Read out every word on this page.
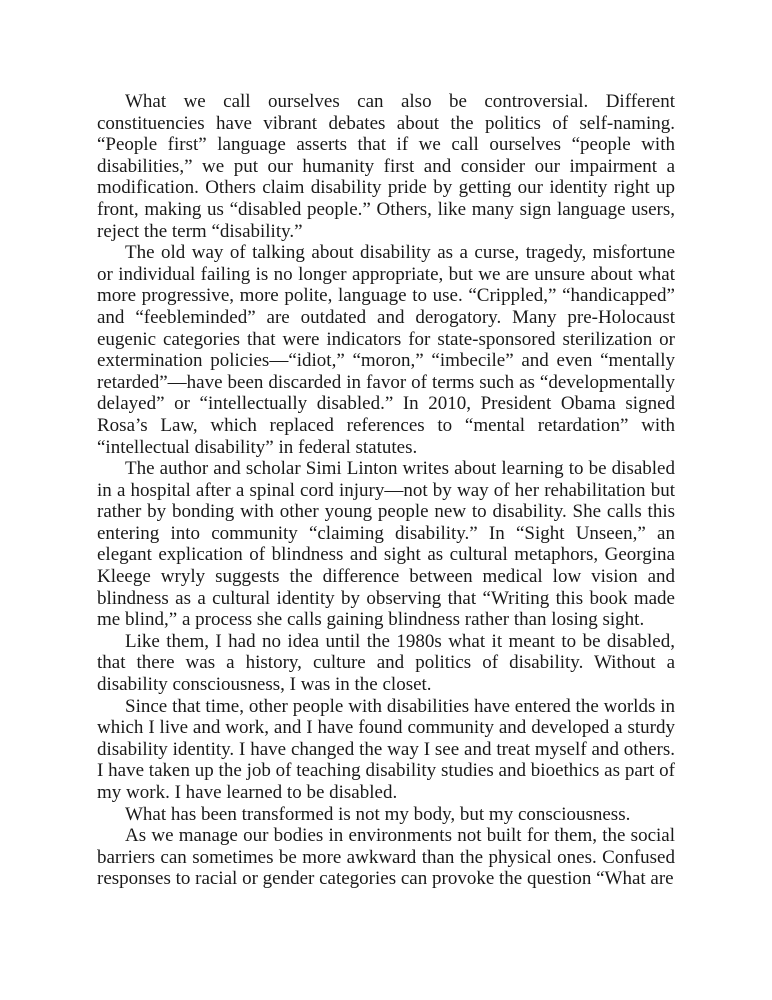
What we call ourselves can also be controversial. Different constituencies have vibrant debates about the politics of self-naming. “People first” language asserts that if we call ourselves “people with disabilities,” we put our humanity first and consider our impairment a modification. Others claim disability pride by getting our identity right up front, making us “disabled people.” Others, like many sign language users, reject the term “disability.”

The old way of talking about disability as a curse, tragedy, misfortune or individual failing is no longer appropriate, but we are unsure about what more progressive, more polite, language to use. “Crippled,” “handicapped” and “feebleminded” are outdated and derogatory. Many pre-Holocaust eugenic categories that were indicators for state-sponsored sterilization or extermination policies—“idiot,” “moron,” “imbecile” and even “mentally retarded”—have been discarded in favor of terms such as “developmentally delayed” or “intellectually disabled.” In 2010, President Obama signed Rosa’s Law, which replaced references to “mental retardation” with “intellectual disability” in federal statutes.

The author and scholar Simi Linton writes about learning to be disabled in a hospital after a spinal cord injury—not by way of her rehabilitation but rather by bonding with other young people new to disability. She calls this entering into community “claiming disability.” In “Sight Unseen,” an elegant explication of blindness and sight as cultural metaphors, Georgina Kleege wryly suggests the difference between medical low vision and blindness as a cultural identity by observing that “Writing this book made me blind,” a process she calls gaining blindness rather than losing sight.

Like them, I had no idea until the 1980s what it meant to be disabled, that there was a history, culture and politics of disability. Without a disability consciousness, I was in the closet.

Since that time, other people with disabilities have entered the worlds in which I live and work, and I have found community and developed a sturdy disability identity. I have changed the way I see and treat myself and others. I have taken up the job of teaching disability studies and bioethics as part of my work. I have learned to be disabled.

What has been transformed is not my body, but my consciousness.

As we manage our bodies in environments not built for them, the social barriers can sometimes be more awkward than the physical ones. Confused responses to racial or gender categories can provoke the question “What are
